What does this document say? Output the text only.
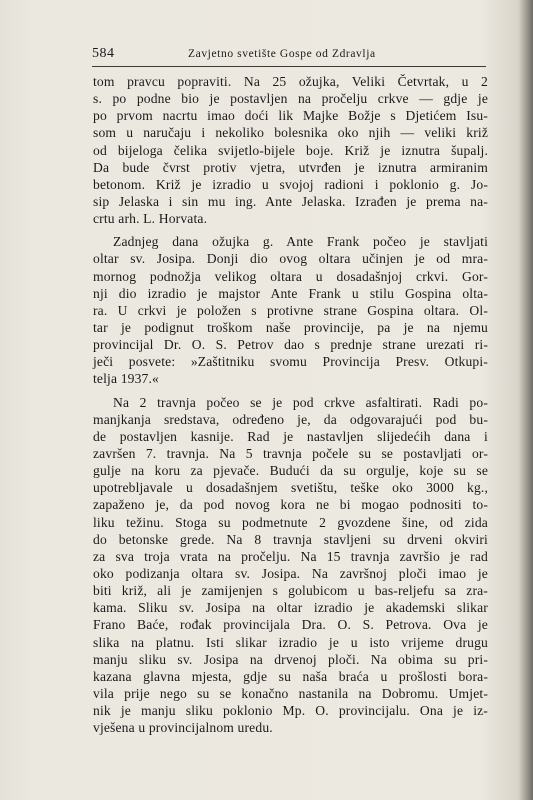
584	Zavjetno svetište Gospe od Zdravlja

tom pravcu popraviti. Na 25 ožujka, Veliki Četvrtak, u 2
s. po podne bio je postavljen na pročelju crkve — gdje je
po prvom nacrtu imao doći lik Majke Božje s Djetićem Isu-
som u naručaju i nekoliko bolesnika oko njih — veliki križ
od bijeloga čelika svijetlo-bijele boje. Križ je iznutra šupalj.
Da bude čvrst protiv vjetra, utvrđen je iznutra armiranim
betonom. Križ je izradio u svojoj radioni i poklonio g. Jo-
sip Jelaska i sin mu ing. Ante Jelaska. Izrađen je prema na-
crtu arh. L. Horvata.

Zadnjeg dana ožujka g. Ante Frank počeo je stavljati
oltar sv. Josipa. Donji dio ovog oltara učinjen je od mra-
mornog podnožja velikog oltara u dosadašnjoj crkvi. Gor-
nji dio izradio je majstor Ante Frank u stilu Gospina olta-
ra. U crkvi je položen s protivne strane Gospina oltara. Ol-
tar je podignut troškom naše provincije, pa je na njemu
provincijal Dr. O. S. Petrov dao s prednje strane urezati ri-
ječi posvete: »Zaštitniku svomu Provincija Presv. Otkupi-
telja 1937.«

Na 2 travnja počeo se je pod crkve asfaltirati. Radi po-
manjkanja sredstava, određeno je, da odgovarajući pod bu-
de postavljen kasnije. Rad je nastavljen slijedećih dana i
završen 7. travnja. Na 5 travnja počele su se postavljati or-
gulje na koru za pjevače. Budući da su orgulje, koje su se
upotrebljavale u dosadašnjem svetištu, teške oko 3000 kg.,
zapaženo je, da pod novog kora ne bi mogao podnositi to-
liku težinu. Stoga su podmetnute 2 gvozdene šine, od zida
do betonske grede. Na 8 travnja stavljeni su drveni okviri
za sva troja vrata na pročelju. Na 15 travnja završio je rad
oko podizanja oltara sv. Josipa. Na završnoj ploči imao je
biti križ, ali je zamijenjen s golubicom u bas-reljefu sa zra-
kama. Sliku sv. Josipa na oltar izradio je akademski slikar
Frano Baće, rođak provincijala Dra. O. S. Petrova. Ova je
slika na platnu. Isti slikar izradio je u isto vrijeme drugu
manju sliku sv. Josipa na drvenoj ploči. Na obima su pri-
kazana glavna mjesta, gdje su naša braća u prošlosti bora-
vila prije nego su se konačno nastanila na Dobromu. Umjet-
nik je manju sliku poklonio Mp. O. provincijalu. Ona je iz-
vješena u provincijalnom uredu.
